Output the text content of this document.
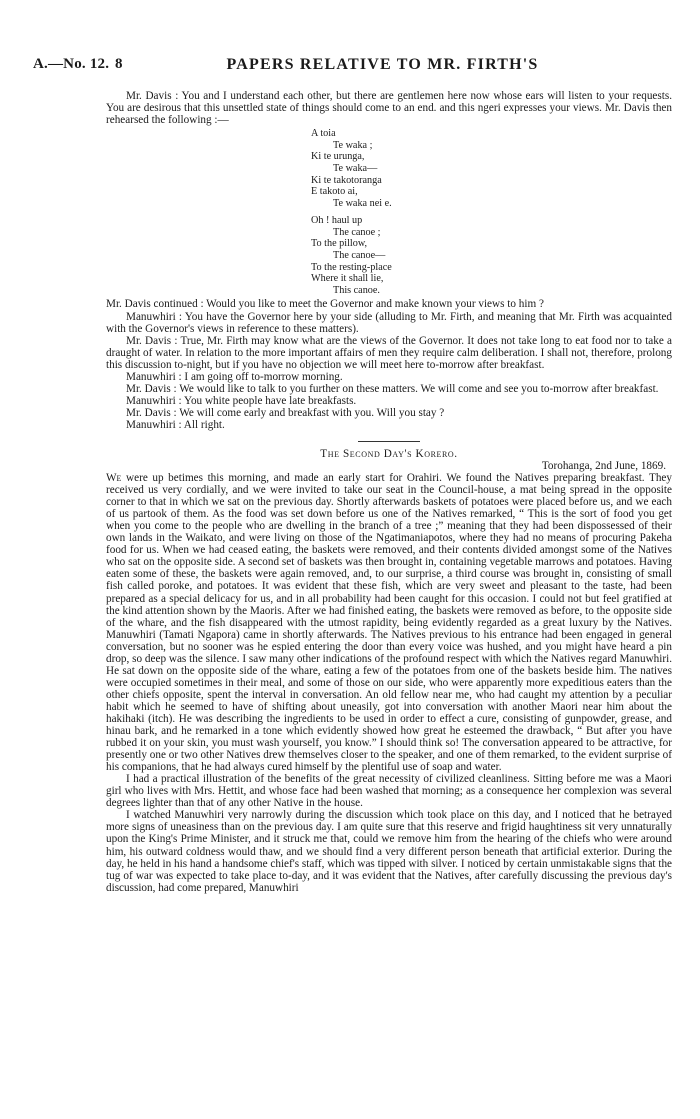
A.—No. 12. 8	PAPERS RELATIVE TO MR. FIRTH'S

Mr. Davis : You and I understand each other, but there are gentlemen here now whose ears will listen to your requests. You are desirous that this unsettled state of things should come to an end. and this ngeri expresses your views. Mr. Davis then rehearsed the following :—

A toia
Te waka ;
Ki te urunga,
Te waka—
Ki te takotoranga
E takoto ai,
Te waka nei e.
Oh ! haul up
The canoe ;
To the pillow,
The canoe—
To the resting-place
Where it shall lie,
This canoe.

Mr. Davis continued : Would you like to meet the Governor and make known your views to him ?

Manuwhiri : You have the Governor here by your side (alluding to Mr. Firth, and meaning that Mr. Firth was acquainted with the Governor's views in reference to these matters).

Mr. Davis : True, Mr. Firth may know what are the views of the Governor. It does not take long to eat food nor to take a draught of water. In relation to the more important affairs of men they require calm deliberation. I shall not, therefore, prolong this discussion to-night, but if you have no objection we will meet here to-morrow after breakfast.

Manuwhiri : I am going off to-morrow morning.

Mr. Davis : We would like to talk to you further on these matters. We will come and see you to-morrow after breakfast.

Manuwhiri : You white people have late breakfasts.

Mr. Davis : We will come early and breakfast with you. Will you stay ?

Manuwhiri : All right.

The Second Day's Korero.

Torohanga, 2nd June, 1869.

We were up betimes this morning, and made an early start for Orahiri. We found the Natives preparing breakfast. They received us very cordially, and we were invited to take our seat in the Council-house, a mat being spread in the opposite corner to that in which we sat on the previous day. Shortly afterwards baskets of potatoes were placed before us, and we each of us partook of them. As the food was set down before us one of the Natives remarked, “ This is the sort of food you get when you come to the people who are dwelling in the branch of a tree ;” meaning that they had been dispossessed of their own lands in the Waikato, and were living on those of the Ngatimaniapotos, where they had no means of procuring Pakeha food for us. When we had ceased eating, the baskets were removed, and their contents divided amongst some of the Natives who sat on the opposite side. A second set of baskets was then brought in, containing vegetable marrows and potatoes. Having eaten some of these, the baskets were again removed, and, to our surprise, a third course was brought in, consisting of small fish called poroke, and potatoes. It was evident that these fish, which are very sweet and pleasant to the taste, had been prepared as a special delicacy for us, and in all probability had been caught for this occasion. I could not but feel gratified at the kind attention shown by the Maoris. After we had finished eating, the baskets were removed as before, to the opposite side of the whare, and the fish disappeared with the utmost rapidity, being evidently regarded as a great luxury by the Natives. Manuwhiri (Tamati Ngapora) came in shortly afterwards. The Natives previous to his entrance had been engaged in general conversation, but no sooner was he espied entering the door than every voice was hushed, and you might have heard a pin drop, so deep was the silence. I saw many other indications of the profound respect with which the Natives regard Manuwhiri. He sat down on the opposite side of the whare, eating a few of the potatoes from one of the baskets beside him. The natives were occupied sometimes in their meal, and some of those on our side, who were apparently more expeditious eaters than the other chiefs opposite, spent the interval in conversation. An old fellow near me, who had caught my attention by a peculiar habit which he seemed to have of shifting about uneasily, got into conversation with another Maori near him about the hakihaki (itch). He was describing the ingredients to be used in order to effect a cure, consisting of gunpowder, grease, and hinau bark, and he remarked in a tone which evidently showed how great he esteemed the drawback, “ But after you have rubbed it on your skin, you must wash yourself, you know.” I should think so! The conversation appeared to be attractive, for presently one or two other Natives drew themselves closer to the speaker, and one of them remarked, to the evident surprise of his companions, that he had always cured himself by the plentiful use of soap and water.

I had a practical illustration of the benefits of the great necessity of civilized cleanliness. Sitting before me was a Maori girl who lives with Mrs. Hettit, and whose face had been washed that morning; as a consequence her complexion was several degrees lighter than that of any other Native in the house.

I watched Manuwhiri very narrowly during the discussion which took place on this day, and I noticed that he betrayed more signs of uneasiness than on the previous day. I am quite sure that this reserve and frigid haughtiness sit very unnaturally upon the King's Prime Minister, and it struck me that, could we remove him from the hearing of the chiefs who were around him, his outward coldness would thaw, and we should find a very different person beneath that artificial exterior. During the day, he held in his hand a handsome chief's staff, which was tipped with silver. I noticed by certain unmistakable signs that the tug of war was expected to take place to-day, and it was evident that the Natives, after carefully discussing the previous day's discussion, had come prepared, Manuwhiri
